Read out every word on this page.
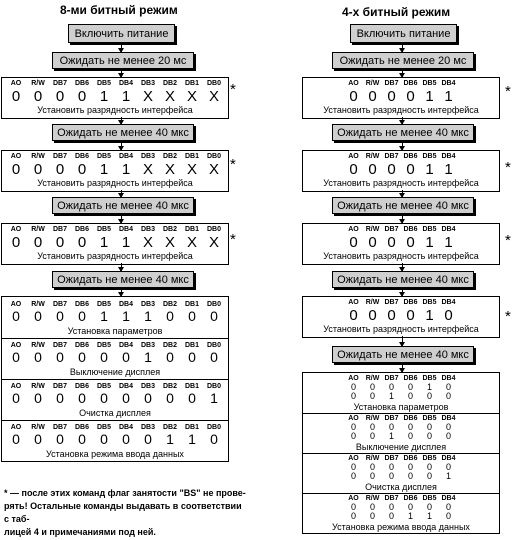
8-ми битный режим	4-х битный режим
Включить питание
Ожидать не менее 20 мс
AO	R/W	DB7	DB6	DB5	DB4	DB3	DB2	DB1	DB0
0 0 0 0 1 1 X X X X
Установить разрядность интерфейса
*
Ожидать не менее 40 мкс
AO	R/W	DB7	DB6	DB5	DB4	DB3	DB2	DB1	DB0
0 0 0 0 1 1 X X X X
Установить разрядность интерфейса
*
Ожидать не менее 40 мкс
AO	R/W	DB7	DB6	DB5	DB4	DB3	DB2	DB1	DB0
0 0 0 0 1 1 X X X X
Установить разрядность интерфейса
*
Ожидать не менее 40 мкс
AO	R/W	DB7	DB6	DB5	DB4	DB3	DB2	DB1	DB0
0	0	0	0	1	1	1	0	0	0
Установка параметров
AO	R/W	DB7	DB6	DB5	DB4	DB3	DB2	DB1	DB0
0	0	0	0	0	0	1	0	0	0
Выключение дисплея
AO	R/W	DB7	DB6	DB5	DB4	DB3	DB2	DB1	DB0
0	0	0	0	0	0	0	0	0	1
Очистка дисплея
AO	R/W	DB7	DB6	DB5	DB4	DB3	DB2	DB1	DB0
0	0	0	0	0	0	0	1	1	0
Установка режима ввода данных
* — после этих команд флаг занятости "BS" не прове-
рять! Остальные команды выдавать в соответствии с таб-
лицей 4 и примечаниями под ней.
Включить питание
Ожидать не менее 20 мс
AO R/W DB7 DB6 DB5 DB4
0 0 0 0 1 1
Установить разрядность интерфейса
*
Ожидать не менее 40 мкс
AO R/W DB7 DB6 DB5 DB4
0 0 0 0 1 1
Установить разрядность интерфейса
*
Ожидать не менее 40 мкс
AO R/W DB7 DB6 DB5 DB4
0 0 0 0 1 1
Установить разрядность интерфейса
*
Ожидать не менее 40 мкс
AO R/W DB7 DB6 DB5 DB4
0 0 0 0 1 0
Установить разрядность интерфейса
*
Ожидать не менее 40 мкс
AO R/W DB7 DB6 DB5 DB4
0	0	0	0	1	0
0	0	1	0	0	0
Установка параметров
AO R/W DB7 DB6 DB5 DB4
0	0	0	0	0	0
0	0	1	0	0	0
Выключение дисплея
AO R/W DB7 DB6 DB5 DB4
0	0	0	0	0	0
0	0	0	0	0	1
Очистка дисплея
AO R/W DB7 DB6 DB5 DB4
0	0	0	0	0	0
0	0	0	1	1	0
Установка режима ввода данных
